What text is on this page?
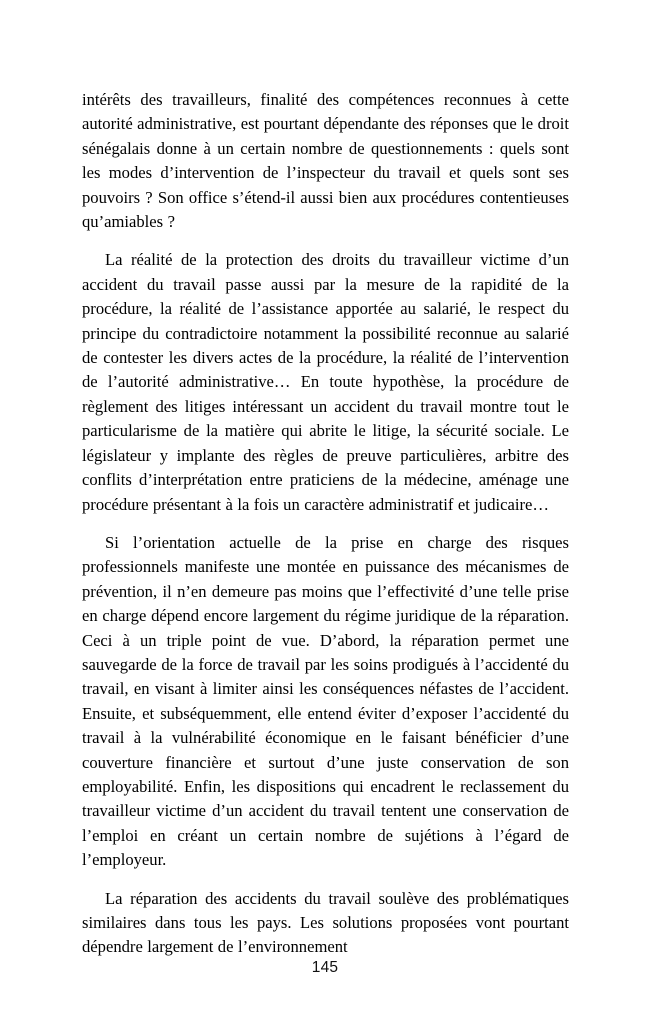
intérêts des travailleurs, finalité des compétences reconnues à cette autorité administrative, est pourtant dépendante des réponses que le droit sénégalais donne à un certain nombre de questionnements : quels sont les modes d’intervention de l’inspecteur du travail et quels sont ses pouvoirs ? Son office s’étend-il aussi bien aux procédures contentieuses qu’amiables ?

La réalité de la protection des droits du travailleur victime d’un accident du travail passe aussi par la mesure de la rapidité de la procédure, la réalité de l’assistance apportée au salarié, le respect du principe du contradictoire notamment la possibilité reconnue au salarié de contester les divers actes de la procédure, la réalité de l’intervention de l’autorité administrative… En toute hypothèse, la procédure de règlement des litiges intéressant un accident du travail montre tout le particularisme de la matière qui abrite le litige, la sécurité sociale. Le législateur y implante des règles de preuve particulières, arbitre des conflits d’interprétation entre praticiens de la médecine, aménage une procédure présentant à la fois un caractère administratif et judicaire…

Si l’orientation actuelle de la prise en charge des risques professionnels manifeste une montée en puissance des mécanismes de prévention, il n’en demeure pas moins que l’effectivité d’une telle prise en charge dépend encore largement du régime juridique de la réparation. Ceci à un triple point de vue. D’abord, la réparation permet une sauvegarde de la force de travail par les soins prodigués à l’accidenté du travail, en visant à limiter ainsi les conséquences néfastes de l’accident. Ensuite, et subséquemment, elle entend éviter d’exposer l’accidenté du travail à la vulnérabilité économique en le faisant bénéficier d’une couverture financière et surtout d’une juste conservation de son employabilité. Enfin, les dispositions qui encadrent le reclassement du travailleur victime d’un accident du travail tentent une conservation de l’emploi en créant un certain nombre de sujétions à l’égard de l’employeur.

La réparation des accidents du travail soulève des problématiques similaires dans tous les pays. Les solutions proposées vont pourtant dépendre largement de l’environnement

145
